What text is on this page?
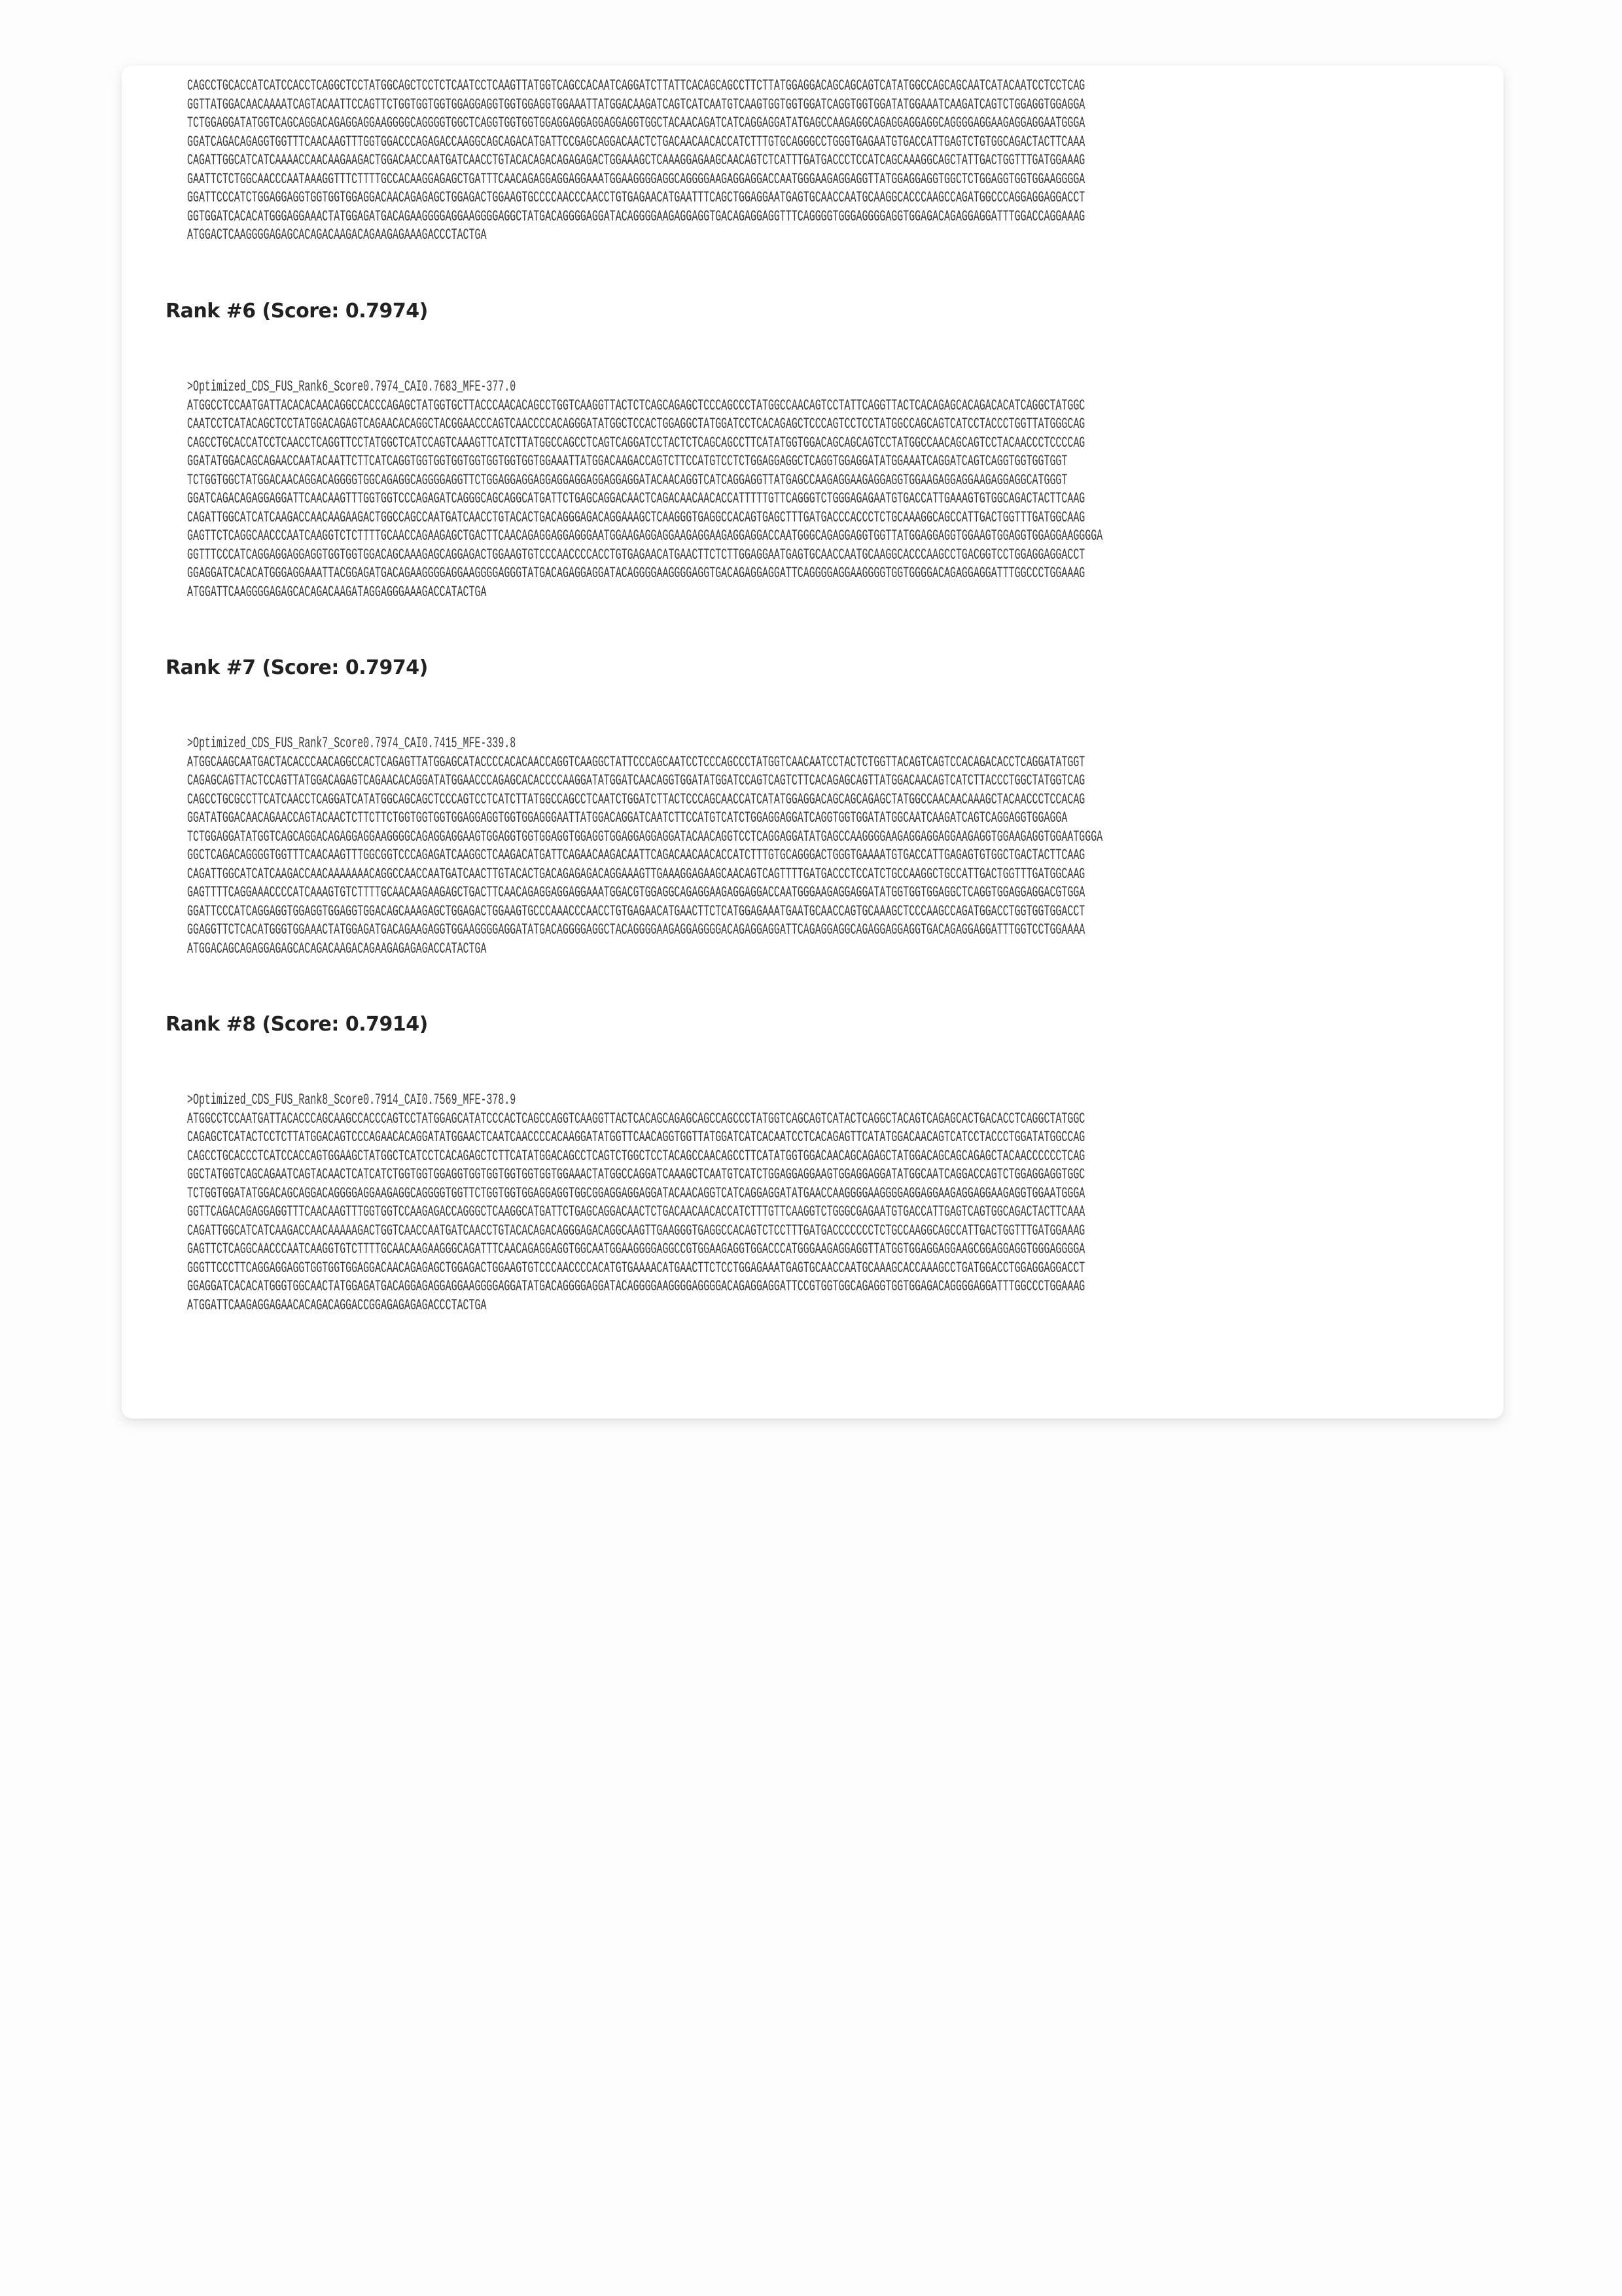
CAGCCTGCACCATCATCCACCTCAGGCTCCTATGGCAGCTCCTCTCAATCCTCAAGTTATGGTCAGCCACAATCAGGATCTTATTCACAGCAGCCTTCTTATGGAGGACAGCAGCAGTCATATGGCCAGCAGCAATCATACAATCCTCCTCAG
GGTTATGGACAACAAAATCAGTACAATTCCAGTTCTGGTGGTGGTGGAGGAGGTGGTGGAGGTGGAAATTATGGACAAGATCAGTCATCAATGTCAAGTGGTGGTGGATCAGGTGGTGGATATGGAAATCAAGATCAGTCTGGAGGTGGAGGA
TCTGGAGGATATGGTCAGCAGGACAGAGGAGGAAGGGGCAGGGGTGGCTCAGGTGGTGGTGGAGGAGGAGGAGGAGGTGGCTACAACAGATCATCAGGAGGATATGAGCCAAGAGGCAGAGGAGGAGGCAGGGGAGGAAGAGGAGGAATGGGA
GGATCAGACAGAGGTGGTTTCAACAAGTTTGGTGGACCCAGAGACCAAGGCAGCAGACATGATTCCGAGCAGGACAACTCTGACAACAACACCATCTTTGTGCAGGGCCTGGGTGAGAATGTGACCATTGAGTCTGTGGCAGACTACTTCAAA
CAGATTGGCATCATCAAAACCAACAAGAAGACTGGACAACCAATGATCAACCTGTACACAGACAGAGAGACTGGAAAGCTCAAAGGAGAAGCAACAGTCTCATTTGATGACCCTCCATCAGCAAAGGCAGCTATTGACTGGTTTGATGGAAAG
GAATTCTCTGGCAACCCAATAAAGGTTTCTTTTGCCACAAGGAGAGCTGATTTCAACAGAGGAGGAGGAAATGGAAGGGGAGGCAGGGGAAGAGGAGGACCAATGGGAAGAGGAGGTTATGGAGGAGGTGGCTCTGGAGGTGGTGGAAGGGGA
GGATTCCCATCTGGAGGAGGTGGTGGTGGAGGACAACAGAGAGCTGGAGACTGGAAGTGCCCCAACCCAACCTGTGAGAACATGAATTTCAGCTGGAGGAATGAGTGCAACCAATGCAAGGCACCCAAGCCAGATGGCCCAGGAGGAGGACCT
GGTGGATCACACATGGGAGGAAACTATGGAGATGACAGAAGGGGAGGAAGGGGAGGCTATGACAGGGGAGGATACAGGGGAAGAGGAGGTGACAGAGGAGGTTTCAGGGGTGGGAGGGGAGGTGGAGACAGAGGAGGATTTGGACCAGGAAAG
ATGGACTCAAGGGGAGAGCACAGACAAGACAGAAGAGAAAGACCCTACTGA
Rank #6 (Score: 0.7974)
>Optimized_CDS_FUS_Rank6_Score0.7974_CAI0.7683_MFE-377.0
ATGGCCTCCAATGATTACACACAACAGGCCACCCAGAGCTATGGTGCTTACCCAACACAGCCTGGTCAAGGTTACTCTCAGCAGAGCTCCCAGCCCTATGGCCAACAGTCCTATTCAGGTTACTCACAGAGCACAGACACATCAGGCTATGGC
CAATCCTCATACAGCTCCTATGGACAGAGTCAGAACACAGGCTACGGAACCCAGTCAACCCCACAGGGATATGGCTCCACTGGAGGCTATGGATCCTCACAGAGCTCCCAGTCCTCCTATGGCCAGCAGTCATCCTACCCTGGTTATGGGCAG
CAGCCTGCACCATCCTCAACCTCAGGTTCCTATGGCTCATCCAGTCAAAGTTCATCTTATGGCCAGCCTCAGTCAGGATCCTACTCTCAGCAGCCTTCATATGGTGGACAGCAGCAGTCCTATGGCCAACAGCAGTCCTACAACCCTCCCCAG
GGATATGGACAGCAGAACCAATACAATTCTTCATCAGGTGGTGGTGGTGGTGGTGGTGGTGGAAATTATGGACAAGACCAGTCTTCCATGTCCTCTGGAGGAGGCTCAGGTGGAGGATATGGAAATCAGGATCAGTCAGGTGGTGGTGGT
TCTGGTGGCTATGGACAACAGGACAGGGGTGGCAGAGGCAGGGGAGGTTCTGGAGGAGGAGGAGGAGGAGGAGGAGGATACAACAGGTCATCAGGAGGTTATGAGCCAAGAGGAAGAGGAGGTGGAAGAGGAGGAAGAGGAGGCATGGGT
GGATCAGACAGAGGAGGATTCAACAAGTTTGGTGGTCCCAGAGATCAGGGCAGCAGGCATGATTCTGAGCAGGACAACTCAGACAACAACACCATTTTTGTTCAGGGTCTGGGAGAGAATGTGACCATTGAAAGTGTGGCAGACTACTTCAAG
CAGATTGGCATCATCAAGACCAACAAGAAGACTGGCCAGCCAATGATCAACCTGTACACTGACAGGGAGACAGGAAAGCTCAAGGGTGAGGCCACAGTGAGCTTTGATGACCCACCCTCTGCAAAGGCAGCCATTGACTGGTTTGATGGCAAG
GAGTTCTCAGGCAACCCAATCAAGGTCTCTTTTGCAACCAGAAGAGCTGACTTCAACAGAGGAGGAGGGAATGGAAGAGGAGGAAGAGGAAGAGGAGGACCAATGGGCAGAGGAGGTGGTTATGGAGGAGGTGGAAGTGGAGGTGGAGGAAGGGGA
GGTTTCCCATCAGGAGGAGGAGGTGGTGGTGGACAGCAAAGAGCAGGAGACTGGAAGTGTCCCAACCCCACCTGTGAGAACATGAACTTCTCTTGGAGGAATGAGTGCAACCAATGCAAGGCACCCAAGCCTGACGGTCCTGGAGGAGGACCT
GGAGGATCACACATGGGAGGAAATTACGGAGATGACAGAAGGGGAGGAAGGGGAGGGTATGACAGAGGAGGATACAGGGGAAGGGGAGGTGACAGAGGAGGATTCAGGGGAGGAAGGGGTGGTGGGGACAGAGGAGGATTTGGCCCTGGAAAG
ATGGATTCAAGGGGAGAGCACAGACAAGATAGGAGGGAAAGACCATACTGA
Rank #7 (Score: 0.7974)
>Optimized_CDS_FUS_Rank7_Score0.7974_CAI0.7415_MFE-339.8
ATGGCAAGCAATGACTACACCCAACAGGCCACTCAGAGTTATGGAGCATACCCCACACAACCAGGTCAAGGCTATTCCCAGCAATCCTCCCAGCCCTATGGTCAACAATCCTACTCTGGTTACAGTCAGTCCACAGACACCTCAGGATATGGT
CAGAGCAGTTACTCCAGTTATGGACAGAGTCAGAACACAGGATATGGAACCCAGAGCACACCCCAAGGATATGGATCAACAGGTGGATATGGATCCAGTCAGTCTTCACAGAGCAGTTATGGACAACAGTCATCTTACCCTGGCTATGGTCAG
CAGCCTGCGCCTTCATCAACCTCAGGATCATATGGCAGCAGCTCCCAGTCCTCATCTTATGGCCAGCCTCAATCTGGATCTTACTCCCAGCAACCATCATATGGAGGACAGCAGCAGAGCTATGGCCAACAACAAAGCTACAACCCTCCACAG
GGATATGGACAACAGAACCAGTACAACTCTTCTTCTGGTGGTGGTGGAGGAGGTGGTGGAGGGAATTATGGACAGGATCAATCTTCCATGTCATCTGGAGGAGGATCAGGTGGTGGATATGGCAATCAAGATCAGTCAGGAGGTGGAGGA
TCTGGAGGATATGGTCAGCAGGACAGAGGAGGAAGGGGCAGAGGAGGAAGTGGAGGTGGTGGAGGTGGAGGTGGAGGAGGAGGATACAACAGGTCCTCAGGAGGATATGAGCCAAGGGGAAGAGGAGGAGGAAGAGGTGGAAGAGGTGGAATGGGA
GGCTCAGACAGGGGTGGTTTCAACAAGTTTGGCGGTCCCAGAGATCAAGGCTCAAGACATGATTCAGAACAAGACAATTCAGACAACAACACCATCTTTGTGCAGGGACTGGGTGAAAATGTGACCATTGAGAGTGTGGCTGACTACTTCAAG
CAGATTGGCATCATCAAGACCAACAAAAAAACAGGCCAACCAATGATCAACTTGTACACTGACAGAGAGACAGGAAAGTTGAAAGGAGAAGCAACAGTCAGTTTTGATGACCCTCCATCTGCCAAGGCTGCCATTGACTGGTTTGATGGCAAG
GAGTTTTCAGGAAACCCCATCAAAGTGTCTTTTGCAACAAGAAGAGCTGACTTCAACAGAGGAGGAGGAAATGGACGTGGAGGCAGAGGAAGAGGAGGACCAATGGGAAGAGGAGGATATGGTGGTGGAGGCTCAGGTGGAGGAGGACGTGGA
GGATTCCCATCAGGAGGTGGAGGTGGAGGTGGACAGCAAAGAGCTGGAGACTGGAAGTGCCCAAACCCAACCTGTGAGAACATGAACTTCTCATGGAGAAATGAATGCAACCAGTGCAAAGCTCCCAAGCCAGATGGACCTGGTGGTGGACCT
GGAGGTTCTCACATGGGTGGAAACTATGGAGATGACAGAAGAGGTGGAAGGGGAGGATATGACAGGGGAGGCTACAGGGGAAGAGGAGGGGACAGAGGAGGATTCAGAGGAGGCAGAGGAGGAGGTGACAGAGGAGGATTTGGTCCTGGAAAA
ATGGACAGCAGAGGAGAGCACAGACAAGACAGAAGAGAGAGACCATACTGA
Rank #8 (Score: 0.7914)
>Optimized_CDS_FUS_Rank8_Score0.7914_CAI0.7569_MFE-378.9
ATGGCCTCCAATGATTACACCCAGCAAGCCACCCAGTCCTATGGAGCATATCCCACTCAGCCAGGTCAAGGTTACTCACAGCAGAGCAGCCAGCCCTATGGTCAGCAGTCATACTCAGGCTACAGTCAGAGCACTGACACCTCAGGCTATGGC
CAGAGCTCATACTCCTCTTATGGACAGTCCCAGAACACAGGATATGGAACTCAATCAACCCCACAAGGATATGGTTCAACAGGTGGTTATGGATCATCACAATCCTCACAGAGTTCATATGGACAACAGTCATCCTACCCTGGATATGGCCAG
CAGCCTGCACCCTCATCCACCAGTGGAAGCTATGGCTCATCCTCACAGAGCTCTTCATATGGACAGCCTCAGTCTGGCTCCTACAGCCAACAGCCTTCATATGGTGGACAACAGCAGAGCTATGGACAGCAGCAGAGCTACAACCCCCCTCAG
GGCTATGGTCAGCAGAATCAGTACAACTCATCATCTGGTGGTGGAGGTGGTGGTGGTGGTGGTGGAAACTATGGCCAGGATCAAAGCTCAATGTCATCTGGAGGAGGAAGTGGAGGAGGATATGGCAATCAGGACCAGTCTGGAGGAGGTGGC
TCTGGTGGATATGGACAGCAGGACAGGGGAGGAAGAGGCAGGGGTGGTTCTGGTGGTGGAGGAGGTGGCGGAGGAGGAGGATACAACAGGTCATCAGGAGGATATGAACCAAGGGGAAGGGGAGGAGGAAGAGGAGGAAGAGGTGGAATGGGA
GGTTCAGACAGAGGAGGTTTCAACAAGTTTGGTGGTCCAAGAGACCAGGGCTCAAGGCATGATTCTGAGCAGGACAACTCTGACAACAACACCATCTTTGTTCAAGGTCTGGGCGAGAATGTGACCATTGAGTCAGTGGCAGACTACTTCAAA
CAGATTGGCATCATCAAGACCAACAAAAAGACTGGTCAACCAATGATCAACCTGTACACAGACAGGGAGACAGGCAAGTTGAAGGGTGAGGCCACAGTCTCCTTTGATGACCCCCCCTCTGCCAAGGCAGCCATTGACTGGTTTGATGGAAAG
GAGTTCTCAGGCAACCCAATCAAGGTGTCTTTTGCAACAAGAAGGGCAGATTTCAACAGAGGAGGTGGCAATGGAAGGGGAGGCCGTGGAAGAGGTGGACCCATGGGAAGAGGAGGTTATGGTGGAGGAGGAAGCGGAGGAGGTGGGAGGGGA
GGGTTCCCTTCAGGAGGAGGTGGTGGTGGAGGACAACAGAGAGCTGGAGACTGGAAGTGTCCCAACCCCACATGTGAAAACATGAACTTCTCCTGGAGAAATGAGTGCAACCAATGCAAAGCACCAAAGCCTGATGGACCTGGAGGAGGACCT
GGAGGATCACACATGGGTGGCAACTATGGAGATGACAGGAGAGGAGGAAGGGGAGGATATGACAGGGGAGGATACAGGGGAAGGGGAGGGGACAGAGGAGGATTCCGTGGTGGCAGAGGTGGTGGAGACAGGGGAGGATTTGGCCCTGGAAAG
ATGGATTCAAGAGGAGAACACAGACAGGACCGGAGAGAGAGACCCTACTGA
